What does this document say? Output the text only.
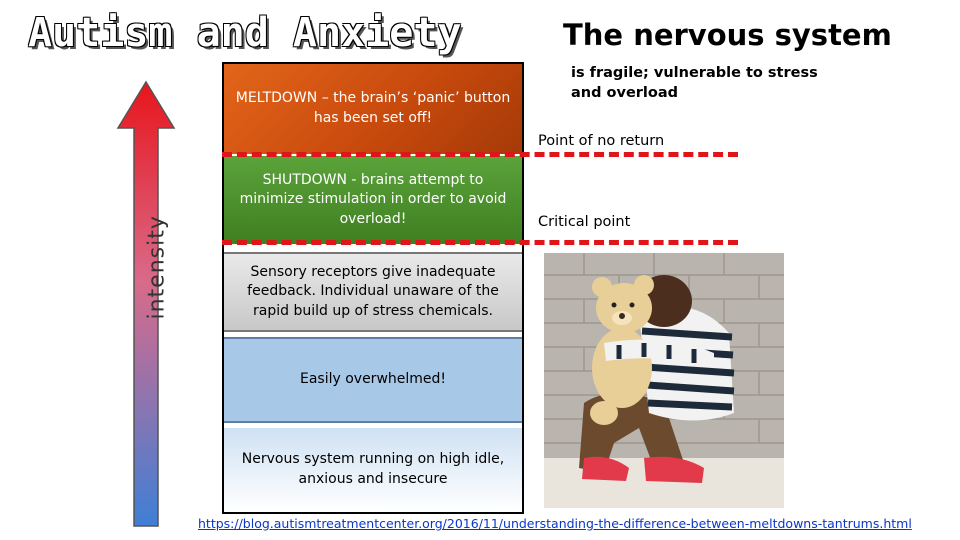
Autism and Anxiety	The nervous system
is fragile; vulnerable to stress and overload
intensity
MELTDOWN – the brain’s ‘panic’ button has been set off!
SHUTDOWN - brains attempt to minimize stimulation in order to avoid overload!
Sensory receptors give inadequate feedback. Individual unaware of the rapid build up of stress chemicals.
Easily overwhelmed!
Nervous system running on high idle, anxious and insecure
Point of no return
Critical point
https://blog.autismtreatmentcenter.org/2016/11/understanding-the-difference-between-meltdowns-tantrums.html
